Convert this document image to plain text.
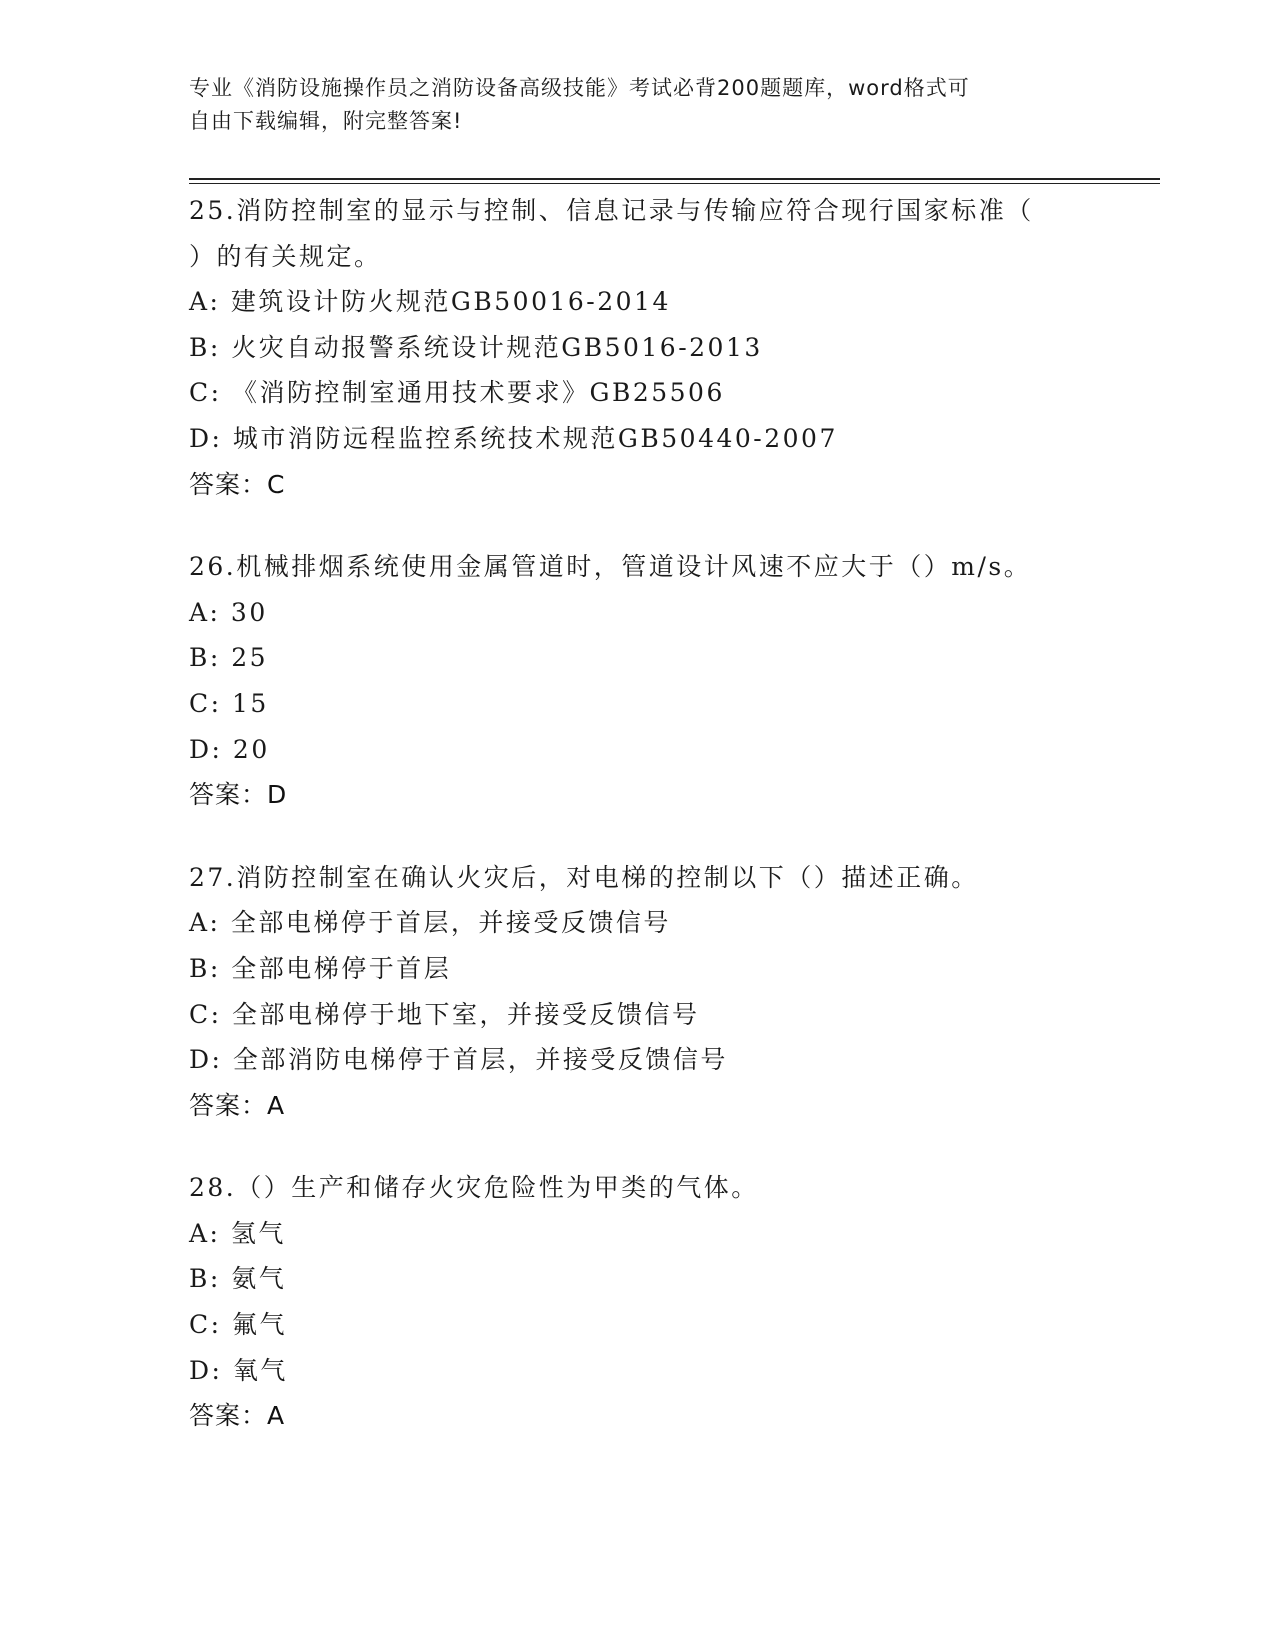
专业《消防设施操作员之消防设备高级技能》考试必背200题题库，word格式可
自由下载编辑，附完整答案!
25.消防控制室的显示与控制、信息记录与传输应符合现行国家标准（
）的有关规定。
A: 建筑设计防火规范GB50016-2014
B: 火灾自动报警系统设计规范GB5016-2013
C: 《消防控制室通用技术要求》GB25506
D: 城市消防远程监控系统技术规范GB50440-2007
答案：C
26.机械排烟系统使用金属管道时，管道设计风速不应大于（）m/s。
A: 30
B: 25
C: 15
D: 20
答案：D
27.消防控制室在确认火灾后，对电梯的控制以下（）描述正确。
A: 全部电梯停于首层，并接受反馈信号
B: 全部电梯停于首层
C: 全部电梯停于地下室，并接受反馈信号
D: 全部消防电梯停于首层，并接受反馈信号
答案：A
28.（）生产和储存火灾危险性为甲类的气体。
A: 氢气
B: 氨气
C: 氟气
D: 氧气
答案：A
